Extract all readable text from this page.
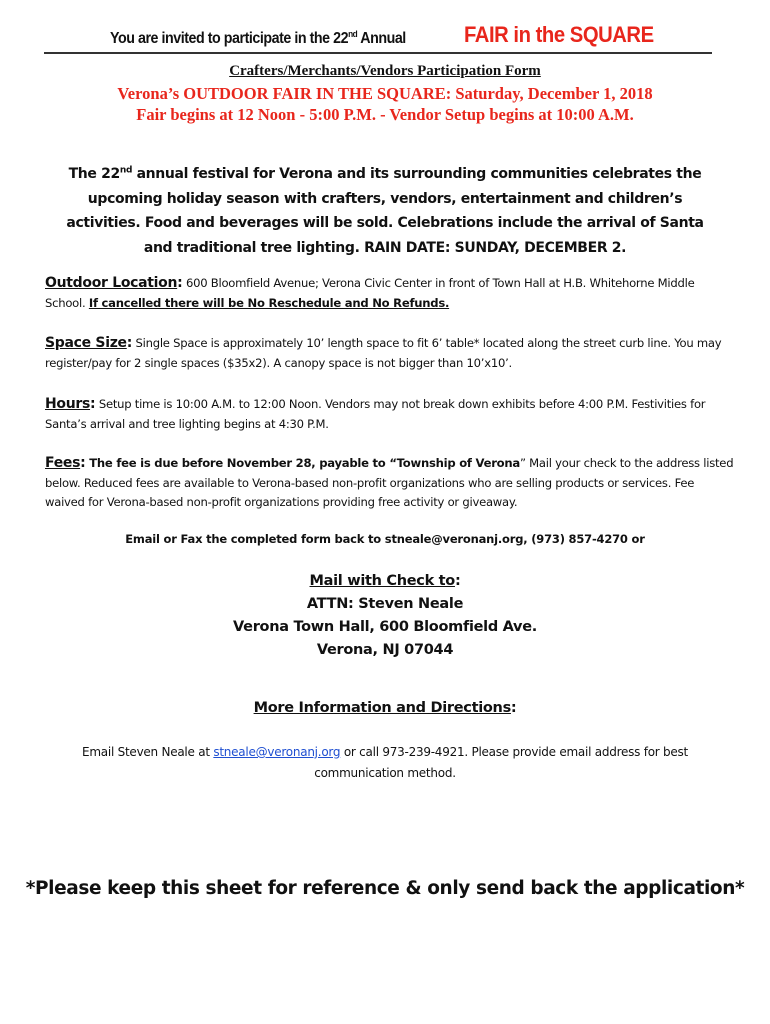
You are invited to participate in the 22nd Annual	FAIR in the SQUARE
Crafters/Merchants/Vendors Participation Form
Verona’s OUTDOOR FAIR IN THE SQUARE: Saturday, December 1, 2018
Fair begins at 12 Noon - 5:00 P.M. - Vendor Setup begins at 10:00 A.M.
The 22nd annual festival for Verona and its surrounding communities celebrates the upcoming holiday season with crafters, vendors, entertainment and children’s activities. Food and beverages will be sold. Celebrations include the arrival of Santa and traditional tree lighting. RAIN DATE: SUNDAY, DECEMBER 2.
Outdoor Location: 600 Bloomfield Avenue; Verona Civic Center in front of Town Hall at H.B. Whitehorne Middle School. If cancelled there will be No Reschedule and No Refunds.
Space Size: Single Space is approximately 10’ length space to fit 6’ table* located along the street curb line. You may register/pay for 2 single spaces ($35x2). A canopy space is not bigger than 10’x10’.
Hours: Setup time is 10:00 A.M. to 12:00 Noon. Vendors may not break down exhibits before 4:00 P.M. Festivities for Santa’s arrival and tree lighting begins at 4:30 P.M.
Fees: The fee is due before November 28, payable to “Township of Verona” Mail your check to the address listed below. Reduced fees are available to Verona-based non-profit organizations who are selling products or services. Fee waived for Verona-based non-profit organizations providing free activity or giveaway.
Email or Fax the completed form back to stneale@veronanj.org, (973) 857-4270 or
Mail with Check to:
ATTN: Steven Neale
Verona Town Hall, 600 Bloomfield Ave.
Verona, NJ 07044
More Information and Directions:
Email Steven Neale at stneale@veronanj.org or call 973-239-4921. Please provide email address for best communication method.
*Please keep this sheet for reference & only send back the application*
